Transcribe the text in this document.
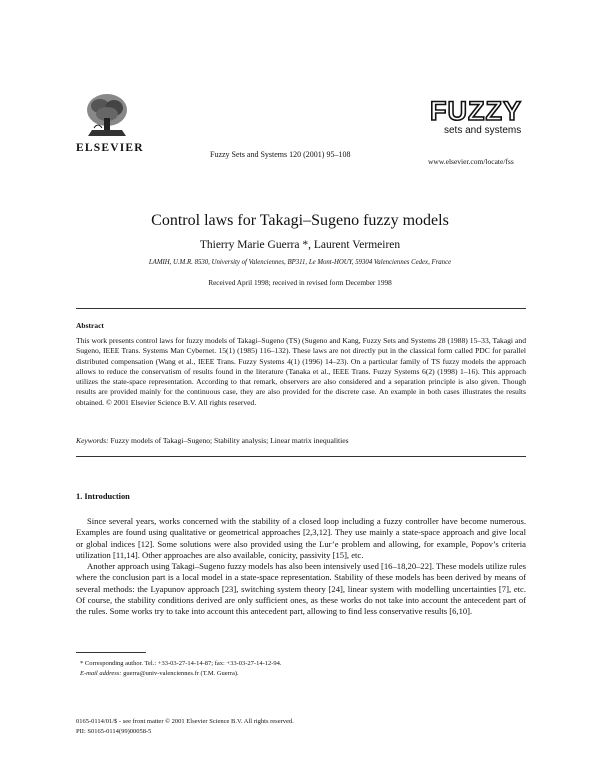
ELSEVIER
Fuzzy Sets and Systems 120 (2001) 95–108
FUZZY
sets and systems
www.elsevier.com/locate/fss
Control laws for Takagi–Sugeno fuzzy models
Thierry Marie Guerra *, Laurent Vermeiren
LAMIH, U.M.R. 8530, University of Valenciennes, BP311, Le Mont-HOUY, 59304 Valenciennes Cedex, France
Received April 1998; received in revised form December 1998
Abstract
This work presents control laws for fuzzy models of Takagi–Sugeno (TS) (Sugeno and Kang, Fuzzy Sets and Systems 28 (1988) 15–33, Takagi and Sugeno, IEEE Trans. Systems Man Cybernet. 15(1) (1985) 116–132). These laws are not directly put in the classical form called PDC for parallel distributed compensation (Wang et al., IEEE Trans. Fuzzy Systems 4(1) (1996) 14–23). On a particular family of TS fuzzy models the approach allows to reduce the conservatism of results found in the literature (Tanaka et al., IEEE Trans. Fuzzy Systems 6(2) (1998) 1–16). This approach utilizes the state-space representation. According to that remark, observers are also considered and a separation principle is also given. Though results are provided mainly for the continuous case, they are also provided for the discrete case. An example in both cases illustrates the results obtained. © 2001 Elsevier Science B.V. All rights reserved.
Keywords: Fuzzy models of Takagi–Sugeno; Stability analysis; Linear matrix inequalities
1. Introduction

Since several years, works concerned with the stability of a closed loop including a fuzzy controller have become numerous. Examples are found using qualitative or geometrical approaches [2,3,12]. They use mainly a state-space approach and give local or global indices [12]. Some solutions were also provided using the Lur’e problem and allowing, for example, Popov’s criteria utilization [11,14]. Other approaches are also available, conicity, passivity [15], etc.

Another approach using Takagi–Sugeno fuzzy models has also been intensively used [16–18,20–22]. These models utilize rules where the conclusion part is a local model in a state-space representation. Stability of these models has been derived by means of several methods: the Lyapunov approach [23], switching system theory [24], linear system with modelling uncertainties [7], etc. Of course, the stability conditions derived are only sufficient ones, as these works do not take into account the antecedent part of the rules. Some works try to take into account this antecedent part, allowing to find less conservative results [6,10].

* Corresponding author. Tel.: +33-03-27-14-14-87; fax: +33-03-27-14-12-94.

E-mail address: guerra@univ-valenciennes.fr (T.M. Guerra).

0165-0114/01/$ - see front matter © 2001 Elsevier Science B.V. All rights reserved.

PII: S0165-0114(99)00058-5
